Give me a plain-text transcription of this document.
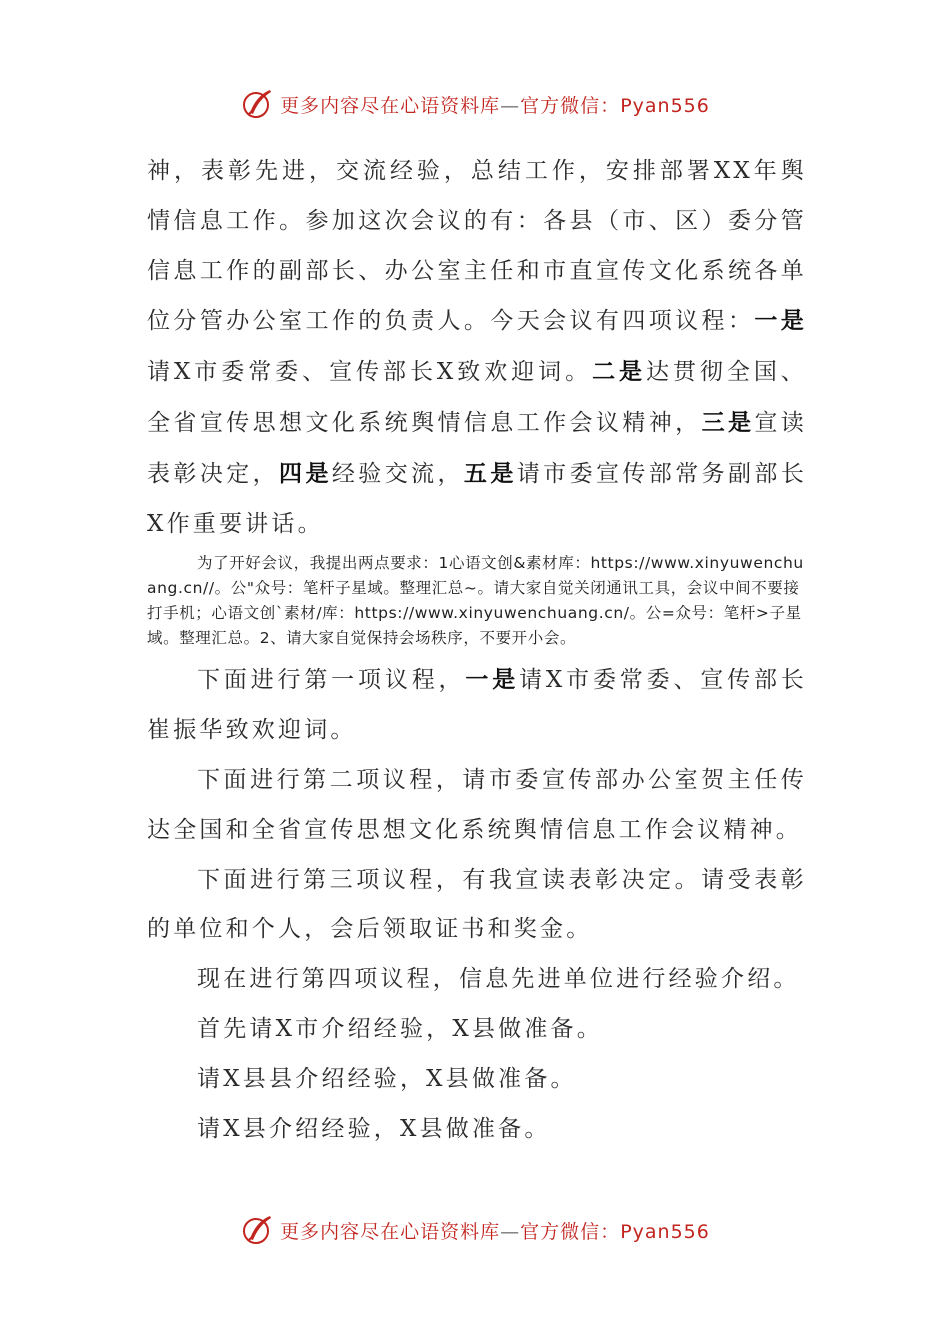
更多内容尽在心语资料库—官方微信：Pyan556

神，表彰先进，交流经验，总结工作，安排部署XX年舆情信息工作。参加这次会议的有：各县（市、区）委分管信息工作的副部长、办公室主任和市直宣传文化系统各单位分管办公室工作的负责人。今天会议有四项议程：一是请X市委常委、宣传部长X致欢迎词。二是达贯彻全国、全省宣传思想文化系统舆情信息工作会议精神，三是宣读表彰决定，四是经验交流，五是请市委宣传部常务副部长X作重要讲话。

为了开好会议，我提出两点要求：1心语文创&素材库：https://www.xinyuwenchuang.cn//。公"众号：笔杆子星域。整理汇总~。请大家自觉关闭通讯工具，会议中间不要接打手机；心语文创`素材/库：https://www.xinyuwenchuang.cn/。公=众号：笔杆>子星域。整理汇总。2、请大家自觉保持会场秩序，不要开小会。

下面进行第一项议程，一是请X市委常委、宣传部长崔振华致欢迎词。

下面进行第二项议程，请市委宣传部办公室贺主任传达全国和全省宣传思想文化系统舆情信息工作会议精神。

下面进行第三项议程，有我宣读表彰决定。请受表彰的单位和个人，会后领取证书和奖金。

现在进行第四项议程，信息先进单位进行经验介绍。

首先请X市介绍经验，X县做准备。

请X县县介绍经验，X县做准备。

请X县介绍经验，X县做准备。

更多内容尽在心语资料库—官方微信：Pyan556
